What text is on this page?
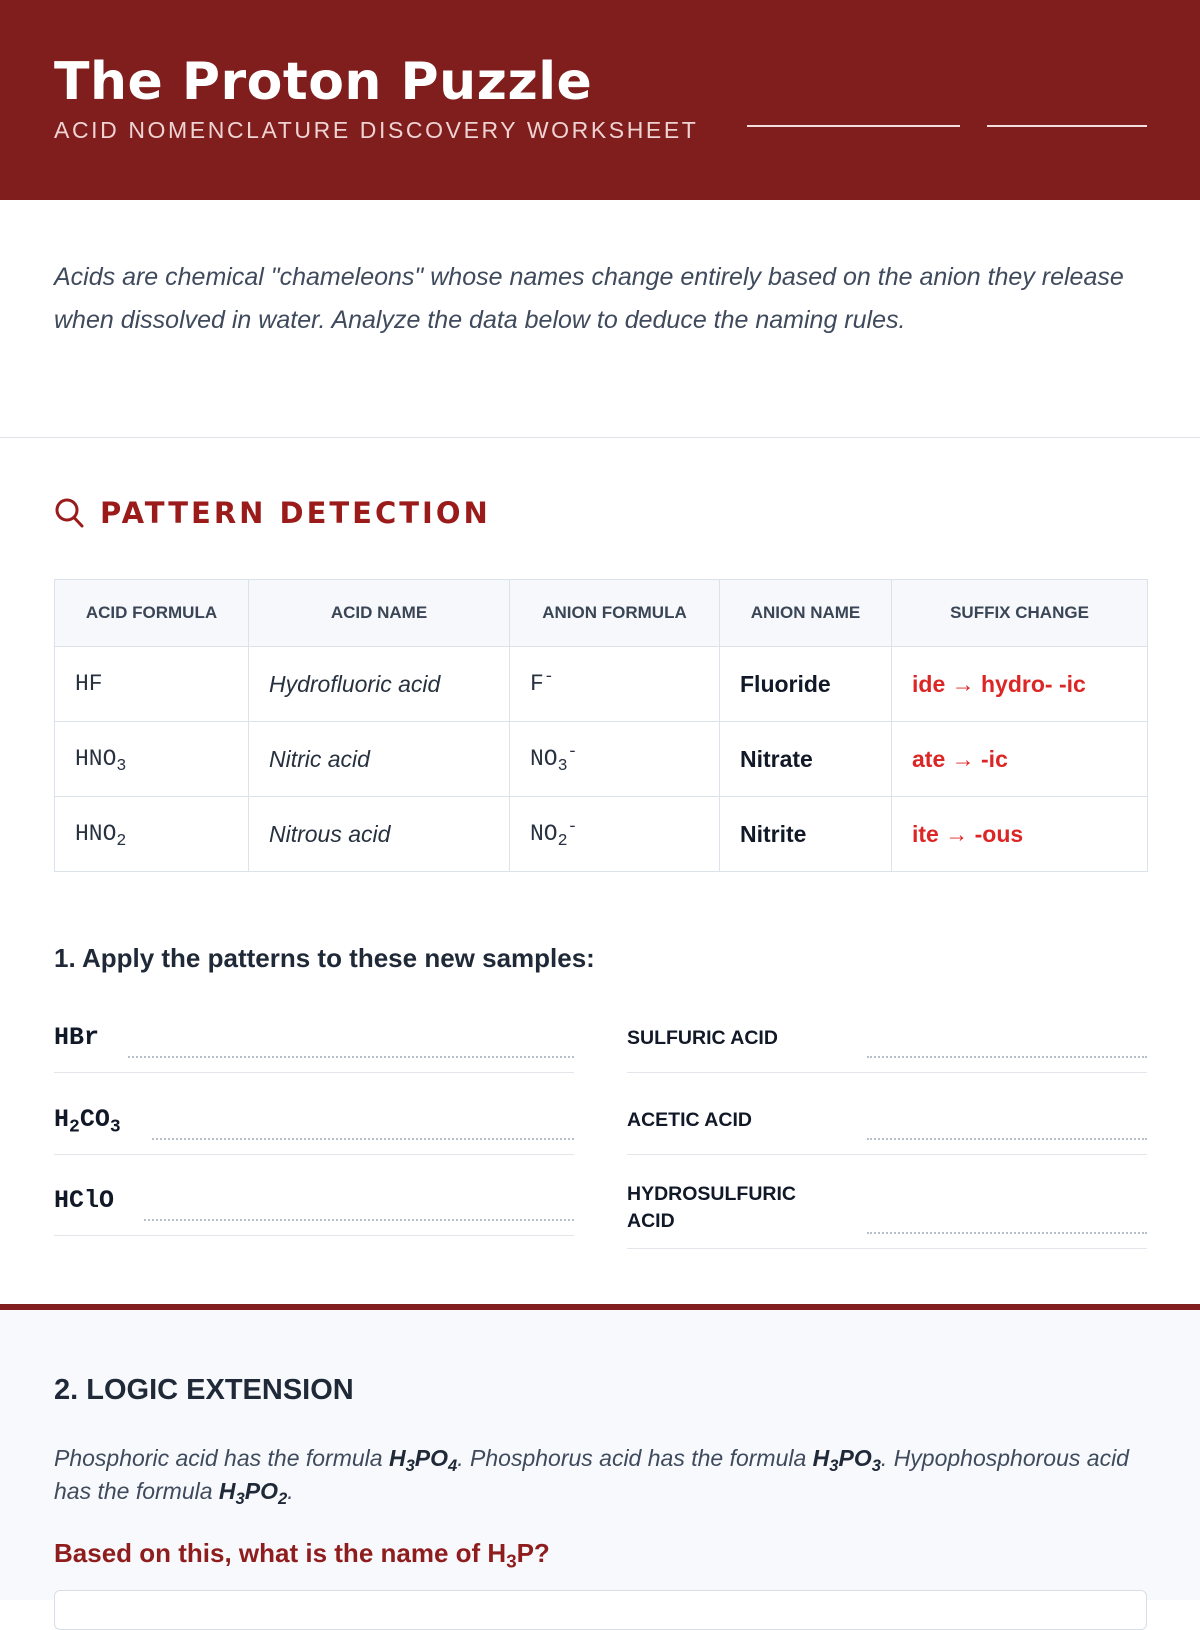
The Proton Puzzle
ACID NOMENCLATURE DISCOVERY WORKSHEET

Acids are chemical "chameleons" whose names change entirely based on the anion they release when dissolved in water. Analyze the data below to deduce the naming rules.

PATTERN DETECTION
ACID FORMULA	ACID NAME	ANION FORMULA	ANION NAME	SUFFIX CHANGE
HF	Hydrofluoric acid	F-	Fluoride	ide → hydro- -ic
$HNO_3$	Nitric acid	$NO_3^-$	Nitrate	ate → -ic
$HNO_2$	Nitrous acid	$NO_2^-$	Nitrite	ite → -ous
1. Apply the patterns to these new samples:
HBr
$H_2CO_3$
HClO
SULFURIC ACID
ACETIC ACID
HYDROSULFURIC ACID
2. LOGIC EXTENSION

Phosphoric acid has the formula $H_3PO_4$. Phosphorus acid has the formula $H_3PO_3$. Hypophosphorous acid has the formula $H_3PO_2$.

Based on this, what is the name of $H_3P$?
